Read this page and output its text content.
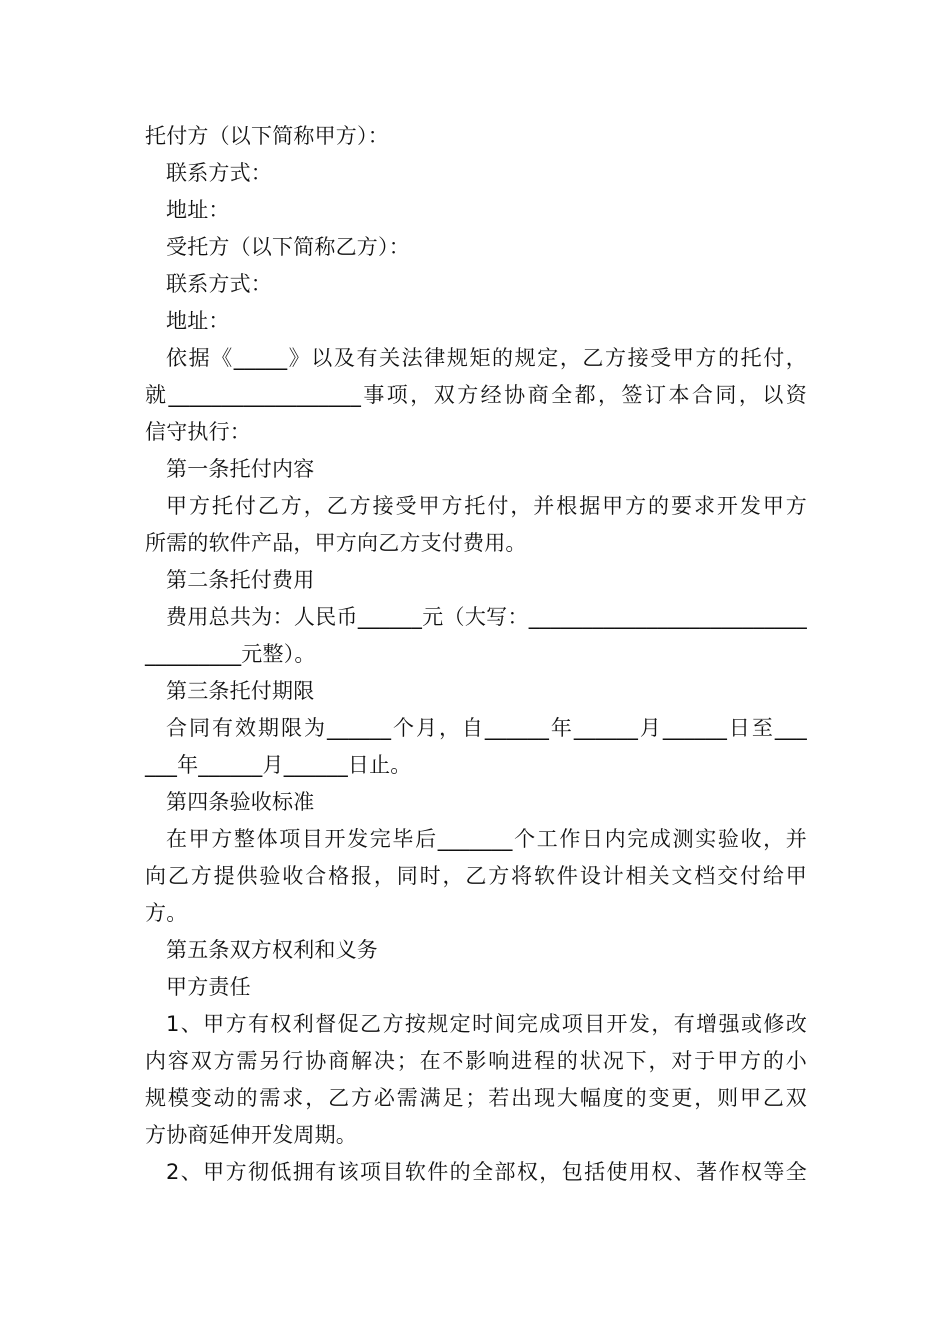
托付方（以下简称甲方）：
联系方式：
地址：
受托方（以下简称乙方）：
联系方式：
地址：
依据《_____》以及有关法律规矩的规定，乙方接受甲方的托付，
就__________________事项，双方经协商全都，签订本合同，以资
信守执行：
第一条托付内容
甲方托付乙方，乙方接受甲方托付，并根据甲方的要求开发甲方
所需的软件产品，甲方向乙方支付费用。
第二条托付费用
费用总共为：人民币______元（大写：__________________________
_________元整）。
第三条托付期限
合同有效期限为______个月，自______年______月______日至___
___年______月______日止。
第四条验收标准
在甲方整体项目开发完毕后_______个工作日内完成测实验收，并
向乙方提供验收合格报，同时，乙方将软件设计相关文档交付给甲
方。
第五条双方权利和义务
甲方责任
1、甲方有权利督促乙方按规定时间完成项目开发，有增强或修改
内容双方需另行协商解决；在不影响进程的状况下，对于甲方的小
规模变动的需求，乙方必需满足；若出现大幅度的变更，则甲乙双
方协商延伸开发周期。
2、甲方彻低拥有该项目软件的全部权，包括使用权、著作权等全
